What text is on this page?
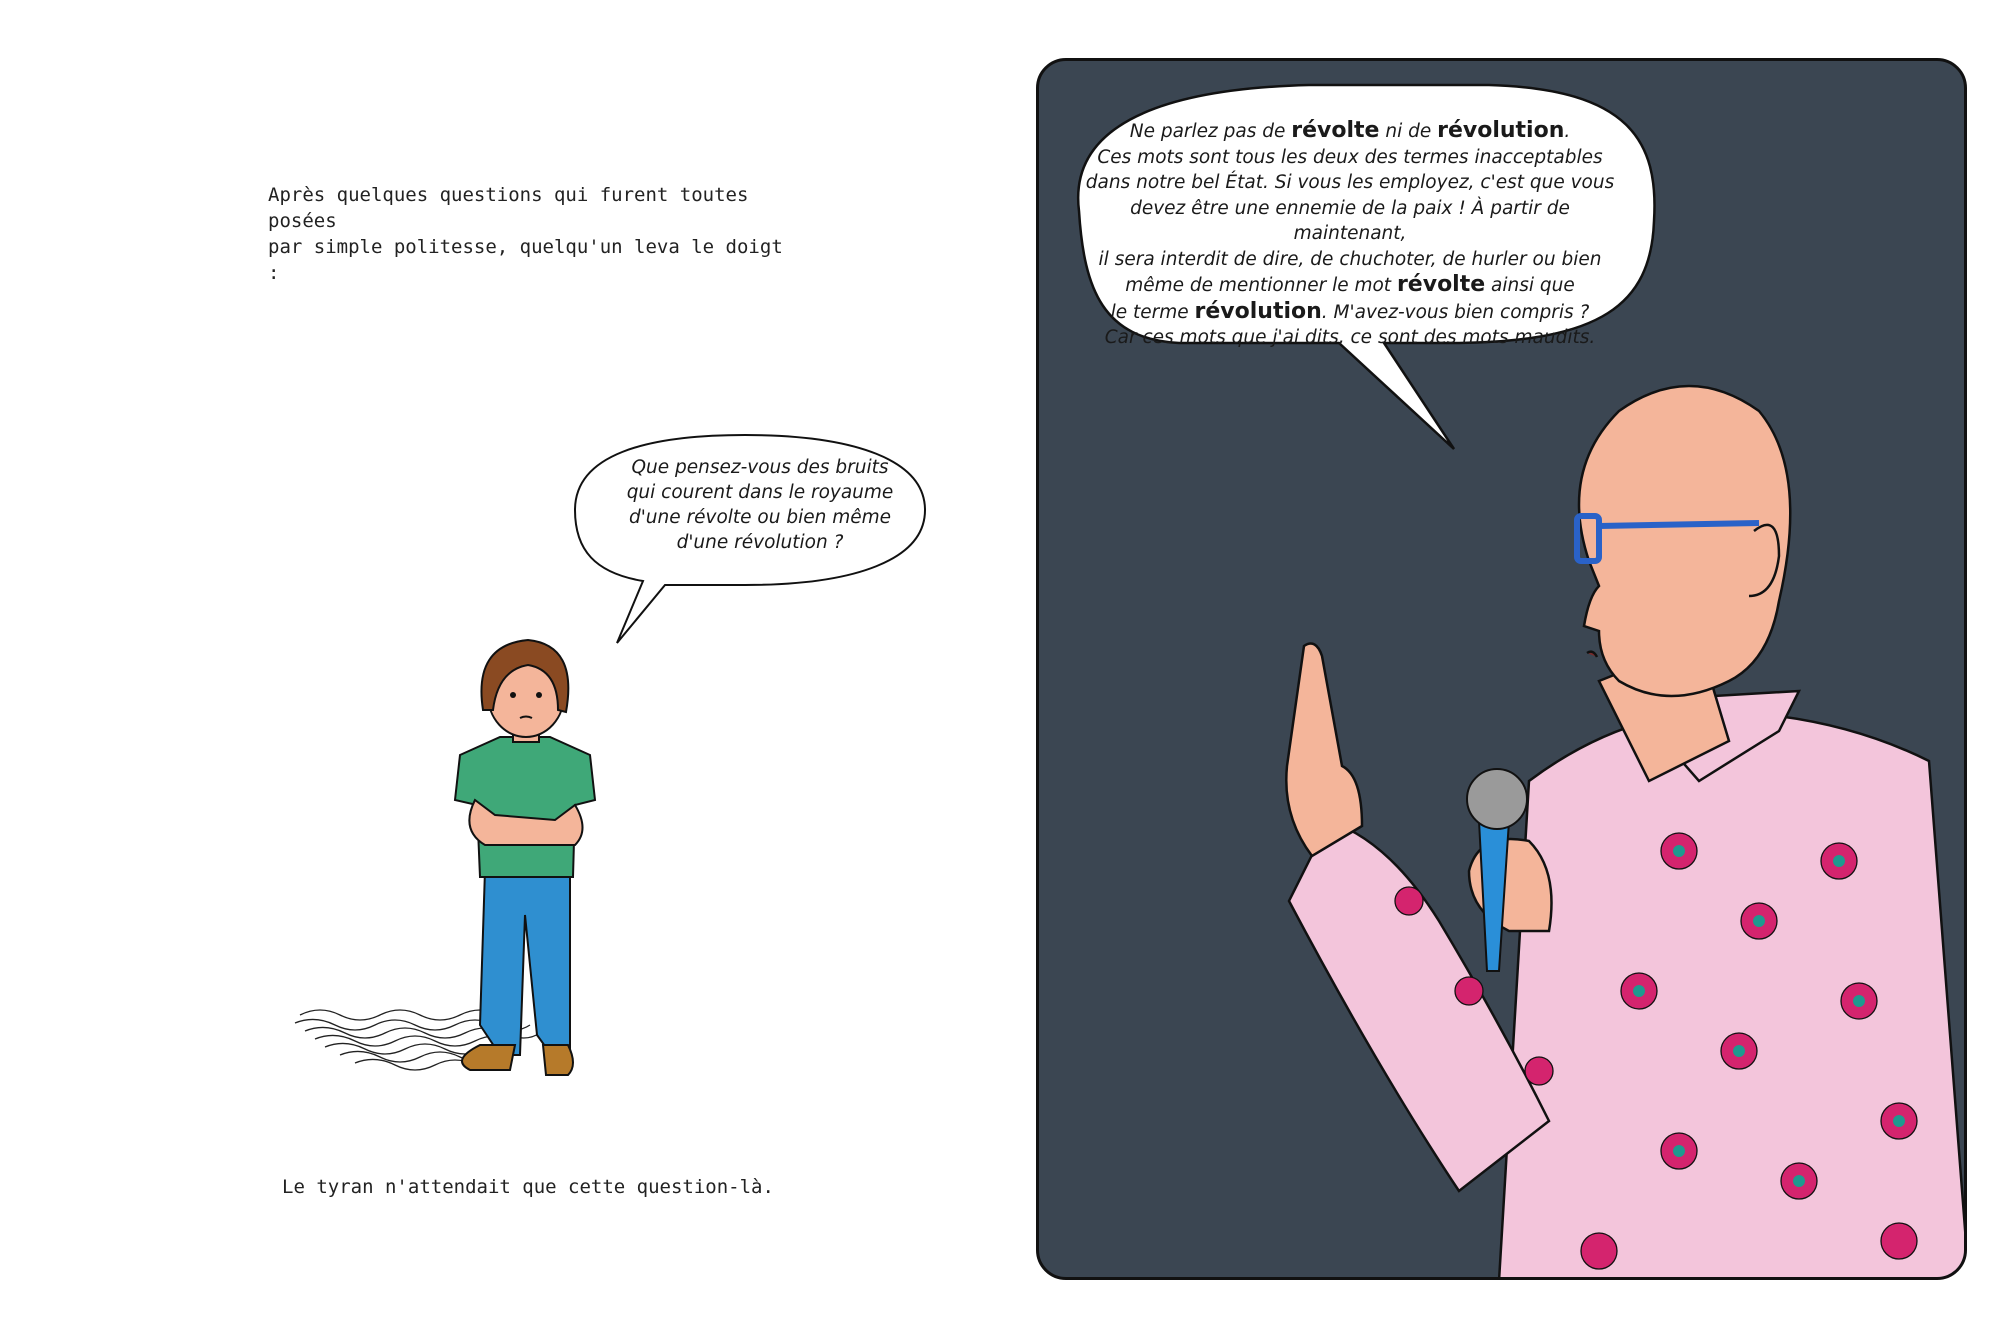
Après quelques questions qui furent toutes posées
par simple politesse, quelqu'un leva le doigt :

Que pensez-vous des bruits
qui courent dans le royaume
d'une révolte ou bien même
d'une révolution ?

Le tyran n'attendait que cette question-là.

Ne parlez pas de révolte ni de révolution.
Ces mots sont tous les deux des termes inacceptables
dans notre bel État. Si vous les employez, c'est que vous
devez être une ennemie de la paix ! À partir de maintenant,
il sera interdit de dire, de chuchoter, de hurler ou bien
même de mentionner le mot révolte ainsi que
le terme révolution. M'avez-vous bien compris ?
Car ces mots que j'ai dits, ce sont des mots maudits.
